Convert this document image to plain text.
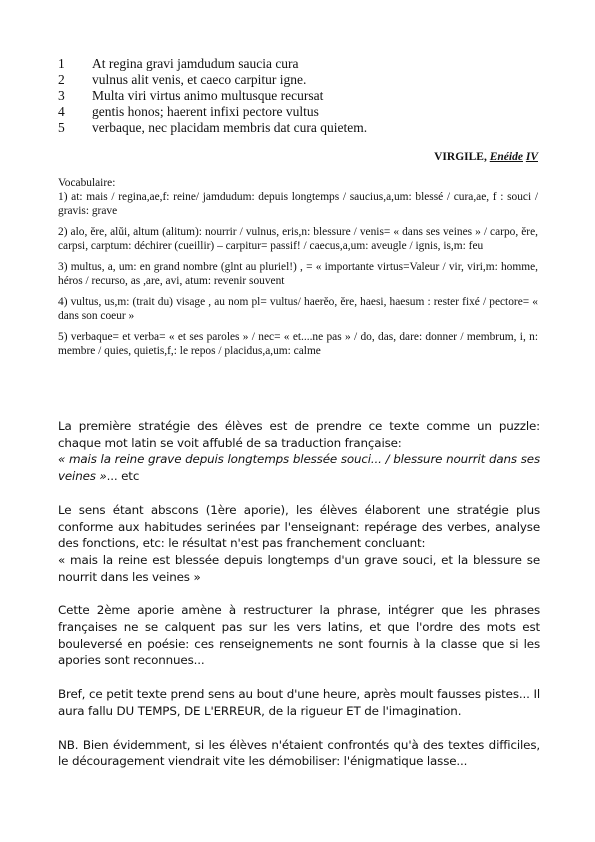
1	At regina gravi jamdudum saucia cura
2	vulnus alit venis, et caeco carpitur igne.
3	Multa viri virtus animo multusque recursat
4	gentis honos; haerent infixi pectore vultus
5	verbaque, nec placidam membris dat cura quietem.
VIRGILE, Enéide IV

Vocabulaire:

1) at: mais / regina,ae,f: reine/ jamdudum: depuis longtemps / saucius,a,um: blessé / cura,ae, f : souci / gravis: grave

2) alo, ĕre, alŭi, altum (alitum): nourrir / vulnus, eris,n: blessure / venis= « dans ses veines » / carpo, ĕre, carpsi, carptum: déchirer (cueillir) – carpitur= passif! / caecus,a,um: aveugle / ignis, is,m: feu

3) multus, a, um: en grand nombre (glnt au pluriel!) , = « importante virtus=Valeur / vir, viri,m: homme, héros / recurso, as ,are, avi, atum: revenir souvent

4) vultus, us,m: (trait du) visage , au nom pl= vultus/ haerĕo, ĕre, haesi, haesum : rester fixé / pectore= « dans son coeur »

5) verbaque= et verba= « et ses paroles » / nec= « et....ne pas » / do, das, dare: donner / membrum, i, n: membre / quies, quietis,f,: le repos / placidus,a,um: calme

La première stratégie des élèves est de prendre ce texte comme un puzzle: chaque mot latin se voit affublé de sa traduction française:
« mais la reine grave depuis longtemps blessée souci... / blessure nourrit dans ses veines »... etc

Le sens étant abscons (1ère aporie), les élèves élaborent une stratégie plus conforme aux habitudes serinées par l'enseignant: repérage des verbes, analyse des fonctions, etc: le résultat n'est pas franchement concluant:
« mais la reine est blessée depuis longtemps d'un grave souci, et la blessure se nourrit dans les veines »

Cette 2ème aporie amène à restructurer la phrase, intégrer que les phrases françaises ne se calquent pas sur les vers latins, et que l'ordre des mots est bouleversé en poésie: ces renseignements ne sont fournis à la classe que si les apories sont reconnues...

Bref, ce petit texte prend sens au bout d'une heure, après moult fausses pistes... Il aura fallu DU TEMPS, DE L'ERREUR, de la rigueur ET de l'imagination.

NB. Bien évidemment, si les élèves n'étaient confrontés qu'à des textes difficiles, le découragement viendrait vite les démobiliser: l'énigmatique lasse...
